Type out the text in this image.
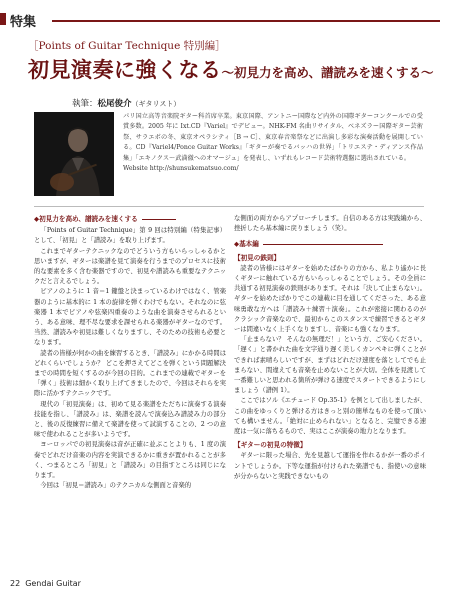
特集
［Points of Guitar Technique 特別編］
初見演奏に強くなる～初見力を高め、譜読みを速くする～
執筆：松尾俊介（ギタリスト）
パリ国立高等音楽院ギター科首席卒業。東京国際、アントニー国際など内外の国際ギターコンクールでの受賞多数。2005 年に Ixt.CD『Variel』でデビュー。NHK-FM 名曲リサイタル、ベネズラー国際ギター芸術祭、サラエボの冬、東京オペラシティ［B → C］、東京春音楽祭などに出演し多彩な演奏活動を展開している。CD『Variel4/Ponce Guitar Works』「ギターが奏でるバッハの世界」「トリエステ・ディアンス作品集」「エキノクス～武満徹へのオマージュ」を発表し、いずれもレコード芸術特選盤に選出されている。
Website http://shunsukematsuo.com/
◆初見力を高め、譜読みを速くする

「Points of Guitar Technique」第 9 回は特別編（特集記事）として、「初見」と「譜読み」を取り上げます。

これまでギターテクニックなのでどういう方もいらっしゃるかと思いますが、ギターは楽譜を見て演奏を行うまでのプロセスに技術的な要素を多く含む楽器ですので、初見や譜読みも重要なテクニックだと言えるでしょう。

ピアノのように 1 音＝1 鍵盤と決まっているわけではなく、管楽器のように基本的に 1 本の旋律を弾くわけでもない。それなのに弦楽器 1 本でピアノや弦楽四重奏のような曲を演奏させられるという、ある意味、理不尽な要求を課せられる楽器がギターなのです。当然、譜読みや初見は難しくなりますし、そのための技術も必要となります。

読者の皆様が何かの曲を練習するとき、「譜読み」にかかる時間はどれくらいでしょうか？ どこを押さえてどこを弾くという問題解決までの時間を短くするのが今回の目的。これまでの連載でギターを「弾く」技術は細かく取り上げてきましたので、今回はそれらを実際に活かすテクニックです。

現代の「初見演奏」は、初めて見る楽譜をただちに演奏する演奏技能を指し、「譜読み」は、楽譜を読んで演奏込み譜読み力の部分と、後の反復練習に備えて楽譜を使って試演することの、2 つの意味で使われることが多いようです。

ヨーロッパでの初見演奏は音が正確に並ぶことよりも、1 度の演奏でどれだけ音楽の内容を実演できるかに重きが置かれることが多く、つまるところ「初見」と「譜読み」の目指すところは同じになります。

今回は「初見＝譜読み」のテクニカルな側面と音楽的

な側面の両方からアプローチします。自信のある方は実践編から、挫折したら基本編に戻りましょう（笑）。

◆基本編
【初見の鉄則】

読者の皆様にはギターを始めたばかりの方から、私より遙かに長くギターに触れている方もいらっしゃることでしょう。その全員に共通する初見演奏の鉄則があります。それは「決して止まらない」。ギターを始めたばかりでこの連載に目を通してくださった、ある意味勇敢な方へは「譜読み＋練習＋演奏」。これが密接に関わるのがクラシック音楽なので、最初からこのスタンスで練習できるとギターは間違いなく上手くなりますし、音楽にも強くなります。

「止まらない？ そんなの無理だ！」という方、ご安心ください。「遅く」と書かれた曲を文字通り遅く美しくカンペキに弾くことができれば素晴らしいですが、まずはどれだけ速度を落としてでも止まらない、間違えても音楽を止めないことが大切。全体を見渡して一番難しいと思われる箇所が弾ける速度でスタートできるようにしましょう（譜例 1）。

ここではソル《エチュード Op.35-1》を例として出しましたが、この曲をゆっくりと弾ける方はきっと別の簡単なものを使って頂いても構いません。「絶対に止められない」となると、完璧できる速度は一気に落ちるもので、実はここが演奏の地力となります。

【ギターの初見の特徴】

ギターに限った場合、先を見越して運指を作れるかが一番のポイントでしょうか。下等な運指が付けられた楽譜でも、指使いの意味が分からないと実践できないもの

22 Gendai Guitar
